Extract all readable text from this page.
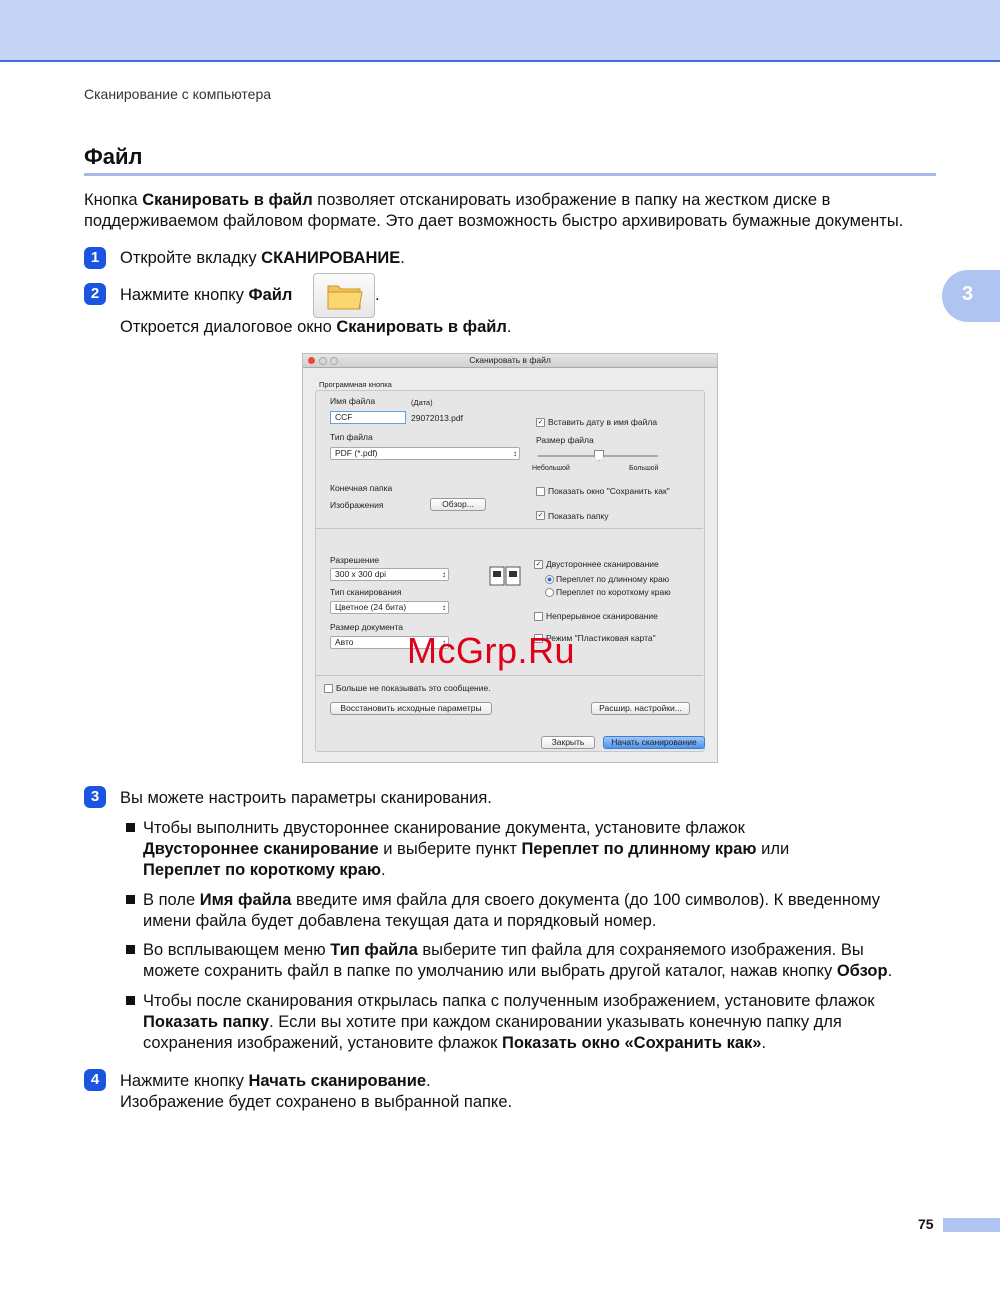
Сканирование с компьютера
3
Файл
Кнопка Сканировать в файл позволяет отсканировать изображение в папку на жестком диске в
поддерживаемом файловом формате. Это дает возможность быстро архивировать бумажные документы.
1	Откройте вкладку СКАНИРОВАНИЕ.
2	Нажмите кнопку Файл	.
Откроется диалоговое окно Сканировать в файл.
Сканировать в файл
Программная кнопка
Имя файла	(Дата)
CCF	29072013.pdf	✓ Вставить дату в имя файла
Тип файла
PDF (*.pdf) ↕
Размер файла
Небольшой	Большой
Конечная папка
Изображения	Обзор...
Показать окно "Сохранить как"
✓ Показать папку
Разрешение
300 x 300 dpi ↕
Тип сканирования
Цветное (24 бита) ↕
Размер документа
Авто ↕
✓ Двустороннее сканирование
Переплет по длинному краю
Переплет по короткому краю
Непрерывное сканирование
Режим "Пластиковая карта"
Больше не показывать это сообщение.
Восстановить исходные параметры	Расшир. настройки...
Закрыть	Начать сканирование
McGrp.Ru
3	Вы можете настроить параметры сканирования.
Чтобы выполнить двустороннее сканирование документа, установите флажок
Двустороннее сканирование и выберите пункт Переплет по длинному краю или
Переплет по короткому краю.
В поле Имя файла введите имя файла для своего документа (до 100 символов). К введенному
имени файла будет добавлена текущая дата и порядковый номер.
Во всплывающем меню Тип файла выберите тип файла для сохраняемого изображения. Вы
можете сохранить файл в папке по умолчанию или выбрать другой каталог, нажав кнопку Обзор.
Чтобы после сканирования открылась папка с полученным изображением, установите флажок
Показать папку. Если вы хотите при каждом сканировании указывать конечную папку для
сохранения изображений, установите флажок Показать окно «Сохранить как».
4	Нажмите кнопку Начать сканирование.
Изображение будет сохранено в выбранной папке.
75
